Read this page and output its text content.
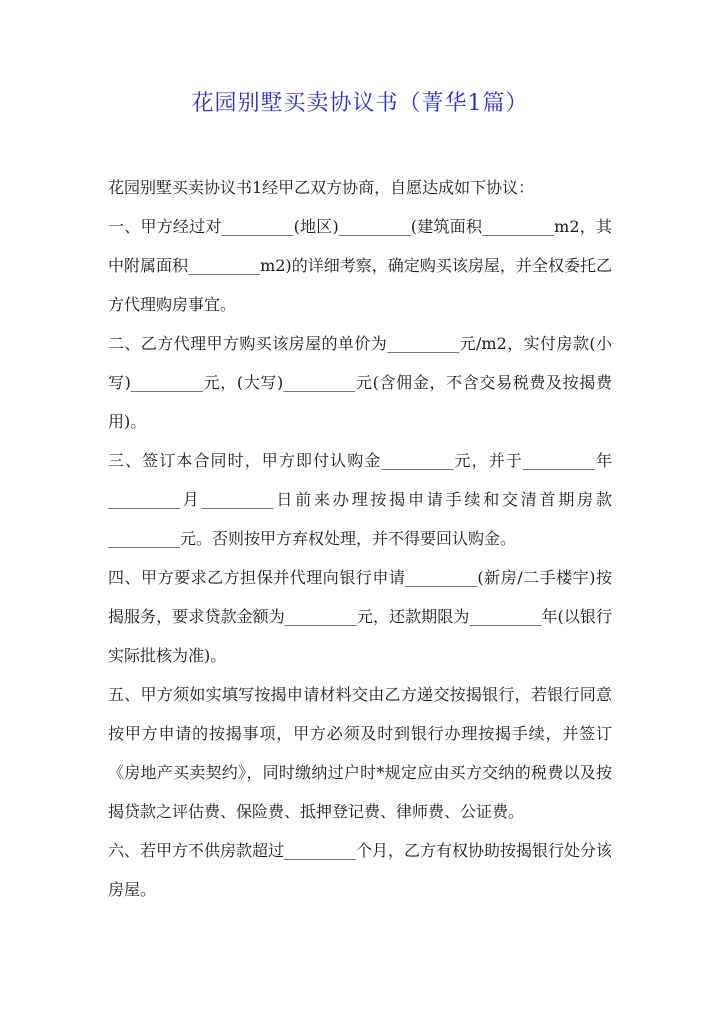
花园别墅买卖协议书（菁华1篇）

花园别墅买卖协议书1经甲乙双方协商，自愿达成如下协议：

一、甲方经过对_________(地区)_________(建筑面积_________m2，其中附属面积_________m2)的详细考察，确定购买该房屋，并全权委托乙方代理购房事宜。

二、乙方代理甲方购买该房屋的单价为_________元/m2，实付房款(小写)_________元，(大写)_________元(含佣金，不含交易税费及按揭费用)。

三、签订本合同时，甲方即付认购金_________元，并于_________年_________月_________日前来办理按揭申请手续和交清首期房款_________元。否则按甲方弃权处理，并不得要回认购金。

四、甲方要求乙方担保并代理向银行申请_________(新房/二手楼宇)按揭服务，要求贷款金额为_________元，还款期限为_________年(以银行实际批核为准)。

五、甲方须如实填写按揭申请材料交由乙方递交按揭银行，若银行同意按甲方申请的按揭事项，甲方必须及时到银行办理按揭手续，并签订《房地产买卖契约》，同时缴纳过户时*规定应由买方交纳的税费以及按揭贷款之评估费、保险费、抵押登记费、律师费、公证费。

六、若甲方不供房款超过_________个月，乙方有权协助按揭银行处分该房屋。
